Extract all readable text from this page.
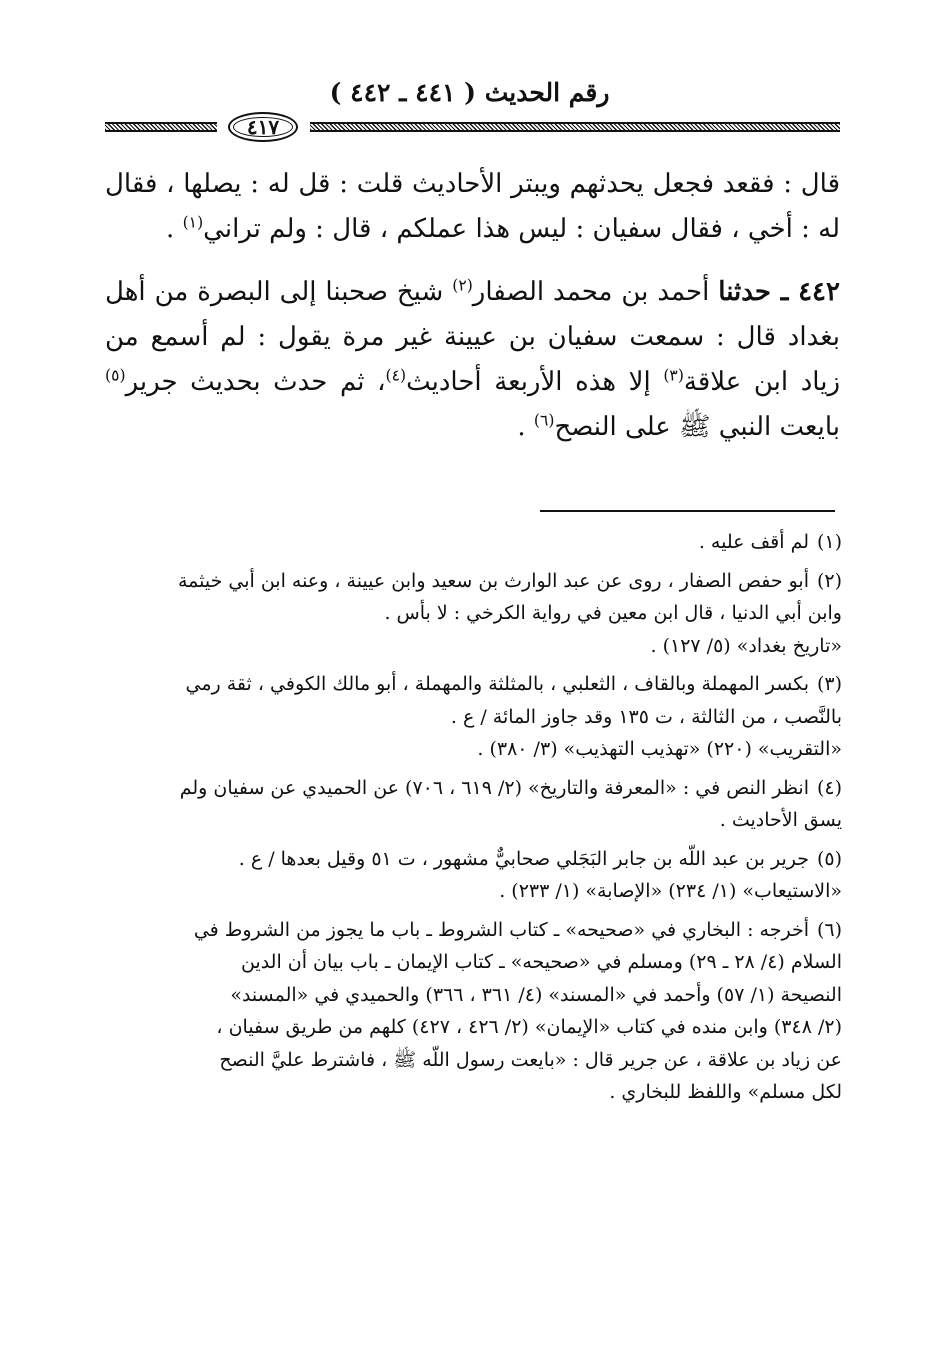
رقم الحديث ( ٤٤١ ـ ٤٤٢ )
٤١٧

قال : فقعد فجعل يحدثهم ويبتر الأحاديث قلت : قل له : يصلها ، فقال له : أخي ، فقال سفيان : ليس هذا عملكم ، قال : ولم تراني$^{(١)}$ .

٤٤٢ ـ حدثنا أحمد بن محمد الصفار$^{(٢)}$ شيخ صحبنا إلى البصرة من أهل بغداد قال : سمعت سفيان بن عيينة غير مرة يقول : لم أسمع من زياد ابن علاقة$^{(٣)}$ إلا هذه الأربعة أحاديث$^{(٤)}$، ثم حدث بحديث جرير$^{(٥)}$ بايعت النبي ﷺ على النصح$^{(٦)}$ .

(١)لم أقف عليه .
(٢)أبو حفص الصفار ، روى عن عبد الوارث بن سعيد وابن عيينة ، وعنه ابن أبي خيثمة
وابن أبي الدنيا ، قال ابن معين في رواية الكرخي : لا بأس .
«تاريخ بغداد» (٥/ ١٢٧) .
(٣)بكسر المهملة وبالقاف ، الثعلبي ، بالمثلثة والمهملة ، أبو مالك الكوفي ، ثقة رمي
بالنَّصب ، من الثالثة ، ت ١٣٥ وقد جاوز المائة / ع .
«التقريب» (٢٢٠) «تهذيب التهذيب» (٣/ ٣٨٠) .
(٤)انظر النص في : «المعرفة والتاريخ» (٢/ ٦١٩ ، ٧٠٦) عن الحميدي عن سفيان ولم
يسق الأحاديث .
(٥)جرير بن عبد اللّه بن جابر البَجَلي صحابيٌّ مشهور ، ت ٥١ وقيل بعدها / ع .
«الاستيعاب» (١/ ٢٣٤) «الإصابة» (١/ ٢٣٣) .
(٦)أخرجه : البخاري في «صحيحه» ـ كتاب الشروط ـ باب ما يجوز من الشروط في
السلام (٤/ ٢٨ ـ ٢٩) ومسلم في «صحيحه» ـ كتاب الإيمان ـ باب بيان أن الدين
النصيحة (١/ ٥٧) وأحمد في «المسند» (٤/ ٣٦١ ، ٣٦٦) والحميدي في «المسند»
(٢/ ٣٤٨) وابن منده في كتاب «الإيمان» (٢/ ٤٢٦ ، ٤٢٧) كلهم من طريق سفيان ،
عن زياد بن علاقة ، عن جرير قال : «بايعت رسول اللّه ﷺ ، فاشترط عليَّ النصح
لكل مسلم» واللفظ للبخاري .
